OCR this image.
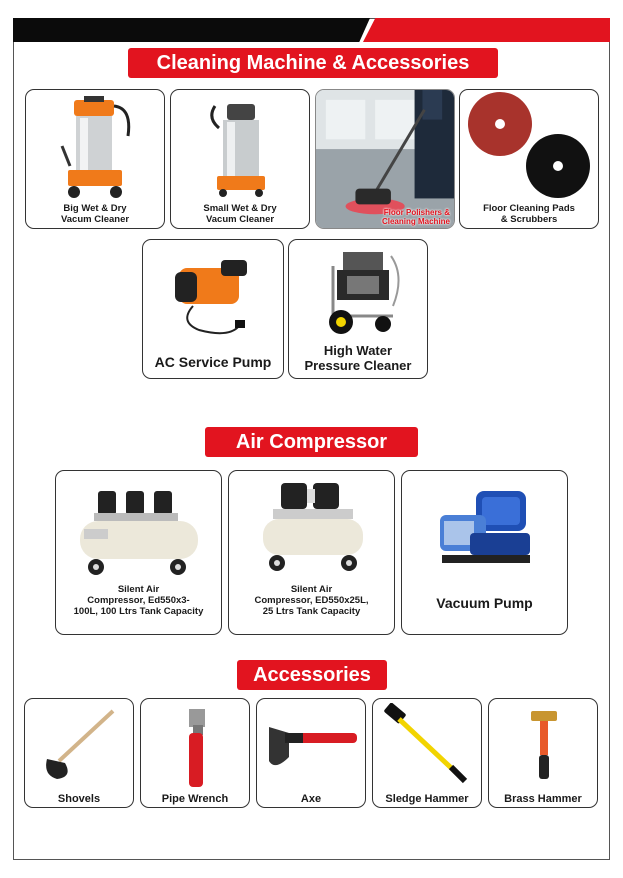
Cleaning Machine & Accessories
Big Wet & Dry
Vacum Cleaner
Small Wet & Dry
Vacum Cleaner
Floor Polishers &
Cleaning Machine
Floor Cleaning Pads
& Scrubbers
AC Service Pump
High Water
Pressure Cleaner
Air Compressor
Silent Air
Compressor, Ed550x3-
100L, 100 Ltrs Tank Capacity
Silent Air
Compressor, ED550x25L,
25 Ltrs Tank Capacity
Vacuum Pump
Accessories
Shovels	Pipe Wrench	Axe	Sledge Hammer	Brass Hammer
